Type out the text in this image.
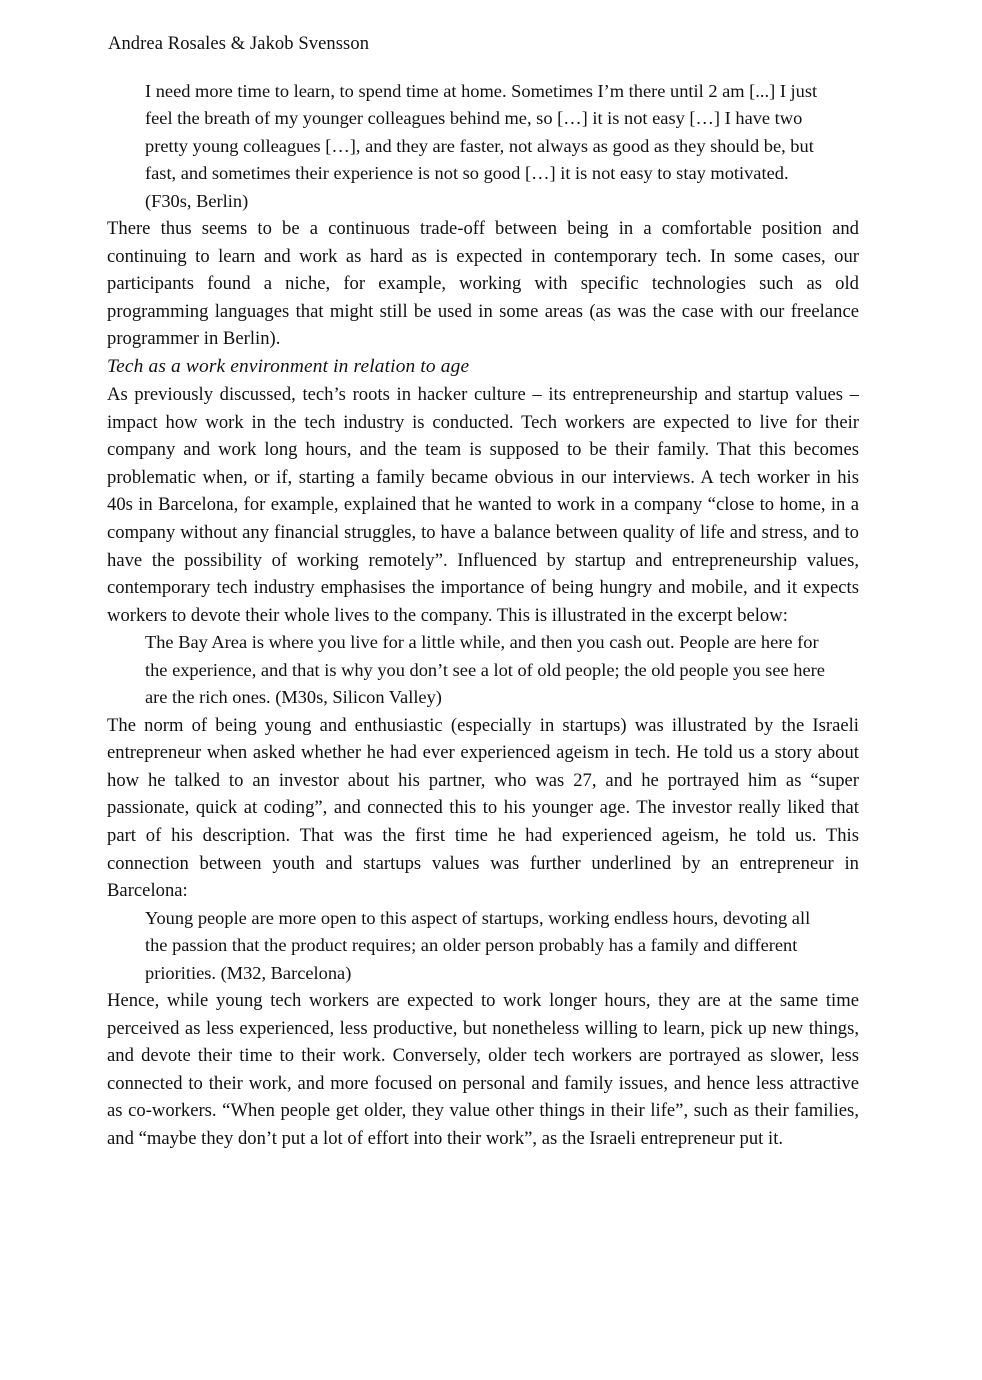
Andrea Rosales & Jakob Svensson
I need more time to learn, to spend time at home. Sometimes I’m there until 2 am [...] I just feel the breath of my younger colleagues behind me, so […] it is not easy […] I have two pretty young colleagues […], and they are faster, not always as good as they should be, but fast, and sometimes their experience is not so good […] it is not easy to stay motivated. (F30s, Berlin)

There thus seems to be a continuous trade-off between being in a comfortable position and continuing to learn and work as hard as is expected in contemporary tech. In some cases, our participants found a niche, for example, working with specific technologies such as old programming languages that might still be used in some areas (as was the case with our freelance programmer in Berlin).

Tech as a work environment in relation to age

As previously discussed, tech’s roots in hacker culture – its entrepreneurship and startup values – impact how work in the tech industry is conducted. Tech workers are expected to live for their company and work long hours, and the team is supposed to be their family. That this becomes problematic when, or if, starting a family became obvious in our interviews. A tech worker in his 40s in Barcelona, for example, explained that he wanted to work in a company “close to home, in a company without any financial struggles, to have a balance between quality of life and stress, and to have the possibility of working remotely”. Influenced by startup and entrepreneurship values, contemporary tech industry emphasises the importance of being hungry and mobile, and it expects workers to devote their whole lives to the company. This is illustrated in the excerpt below:

The Bay Area is where you live for a little while, and then you cash out. People are here for the experience, and that is why you don’t see a lot of old people; the old people you see here are the rich ones. (M30s, Silicon Valley)

The norm of being young and enthusiastic (especially in startups) was illustrated by the Israeli entrepreneur when asked whether he had ever experienced ageism in tech. He told us a story about how he talked to an investor about his partner, who was 27, and he portrayed him as “super passionate, quick at coding”, and connected this to his younger age. The investor really liked that part of his description. That was the first time he had experienced ageism, he told us. This connection between youth and startups values was further underlined by an entrepreneur in Barcelona:

Young people are more open to this aspect of startups, working endless hours, devoting all the passion that the product requires; an older person probably has a family and different priorities. (M32, Barcelona)

Hence, while young tech workers are expected to work longer hours, they are at the same time perceived as less experienced, less productive, but nonetheless willing to learn, pick up new things, and devote their time to their work. Conversely, older tech workers are portrayed as slower, less connected to their work, and more focused on personal and family issues, and hence less attractive as co-workers. “When people get older, they value other things in their life”, such as their families, and “maybe they don’t put a lot of effort into their work”, as the Israeli entrepreneur put it.
